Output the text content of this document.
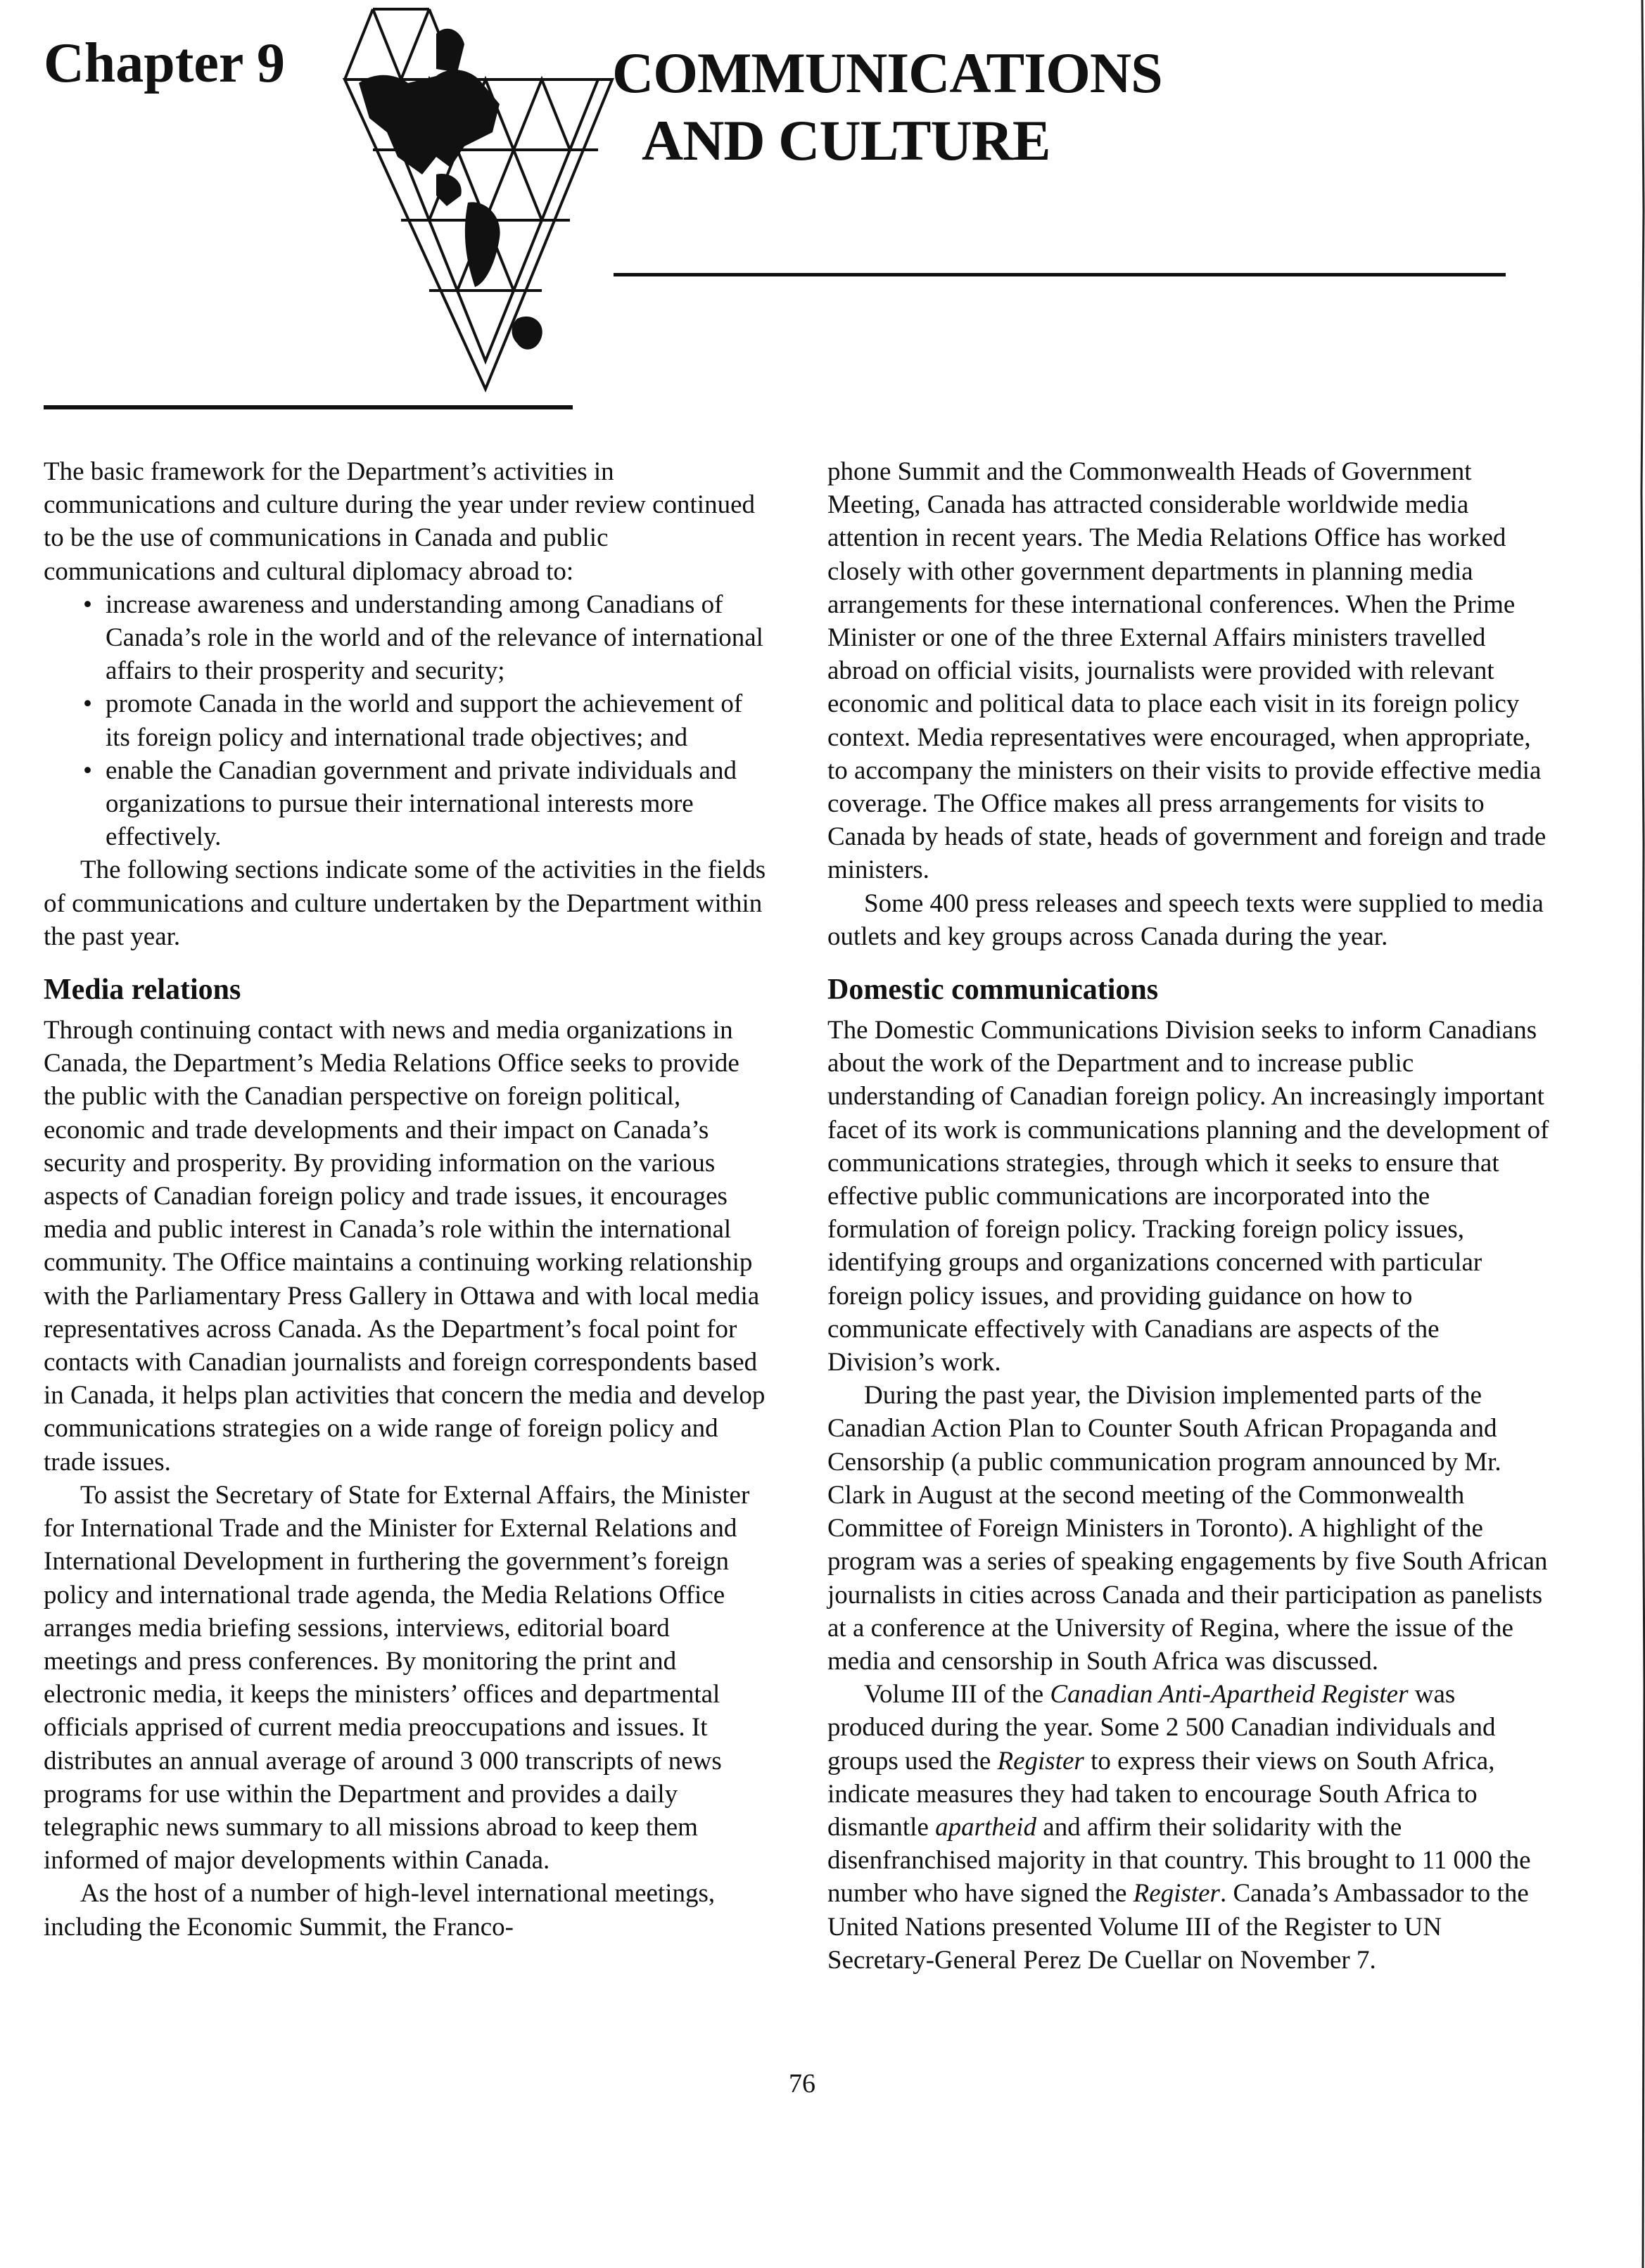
Chapter 9	COMMUNICATIONS
AND CULTURE

The basic framework for the Department’s activities in communications and culture during the year under review continued to be the use of communications in Canada and public communications and cultural diplomacy abroad to:

• increase awareness and understanding among Canadians of Canada’s role in the world and of the relevance of international affairs to their prosperity and security;
• promote Canada in the world and support the achievement of its foreign policy and international trade objectives; and
• enable the Canadian government and private individuals and organizations to pursue their international interests more effectively.

The following sections indicate some of the activities in the fields of communications and culture undertaken by the Department within the past year.

Media relations

Through continuing contact with news and media organizations in Canada, the Department’s Media Relations Office seeks to provide the public with the Canadian perspective on foreign political, economic and trade developments and their impact on Canada’s security and prosperity. By providing information on the various aspects of Canadian foreign policy and trade issues, it encourages media and public interest in Canada’s role within the international community. The Office maintains a continuing working relationship with the Parliamentary Press Gallery in Ottawa and with local media representatives across Canada. As the Department’s focal point for contacts with Canadian journalists and foreign correspondents based in Canada, it helps plan activities that concern the media and develop communications strategies on a wide range of foreign policy and trade issues.

To assist the Secretary of State for External Affairs, the Minister for International Trade and the Minister for External Relations and International Development in furthering the government’s foreign policy and international trade agenda, the Media Relations Office arranges media briefing sessions, interviews, editorial board meetings and press conferences. By monitoring the print and electronic media, it keeps the ministers’ offices and departmental officials apprised of current media preoccupations and issues. It distributes an annual average of around 3 000 transcripts of news programs for use within the Department and provides a daily telegraphic news summary to all missions abroad to keep them informed of major developments within Canada.

As the host of a number of high-level international meetings, including the Economic Summit, the Franco-

phone Summit and the Commonwealth Heads of Government Meeting, Canada has attracted considerable worldwide media attention in recent years. The Media Relations Office has worked closely with other government departments in planning media arrangements for these international conferences. When the Prime Minister or one of the three External Affairs ministers travelled abroad on official visits, journalists were provided with relevant economic and political data to place each visit in its foreign policy context. Media representatives were encouraged, when appropriate, to accompany the ministers on their visits to provide effective media coverage. The Office makes all press arrangements for visits to Canada by heads of state, heads of government and foreign and trade ministers.

Some 400 press releases and speech texts were supplied to media outlets and key groups across Canada during the year.

Domestic communications

The Domestic Communications Division seeks to inform Canadians about the work of the Department and to increase public understanding of Canadian foreign policy. An increasingly important facet of its work is communications planning and the development of communications strategies, through which it seeks to ensure that effective public communications are incorporated into the formulation of foreign policy. Tracking foreign policy issues, identifying groups and organizations concerned with particular foreign policy issues, and providing guidance on how to communicate effectively with Canadians are aspects of the Division’s work.

During the past year, the Division implemented parts of the Canadian Action Plan to Counter South African Propaganda and Censorship (a public communication program announced by Mr. Clark in August at the second meeting of the Commonwealth Committee of Foreign Ministers in Toronto). A highlight of the program was a series of speaking engagements by five South African journalists in cities across Canada and their participation as panelists at a conference at the University of Regina, where the issue of the media and censorship in South Africa was discussed.

Volume III of the Canadian Anti-Apartheid Register was produced during the year. Some 2 500 Canadian individuals and groups used the Register to express their views on South Africa, indicate measures they had taken to encourage South Africa to dismantle apartheid and affirm their solidarity with the disenfranchised majority in that country. This brought to 11 000 the number who have signed the Register. Canada’s Ambassador to the United Nations presented Volume III of the Register to UN Secretary-General Perez De Cuellar on November 7.

76
